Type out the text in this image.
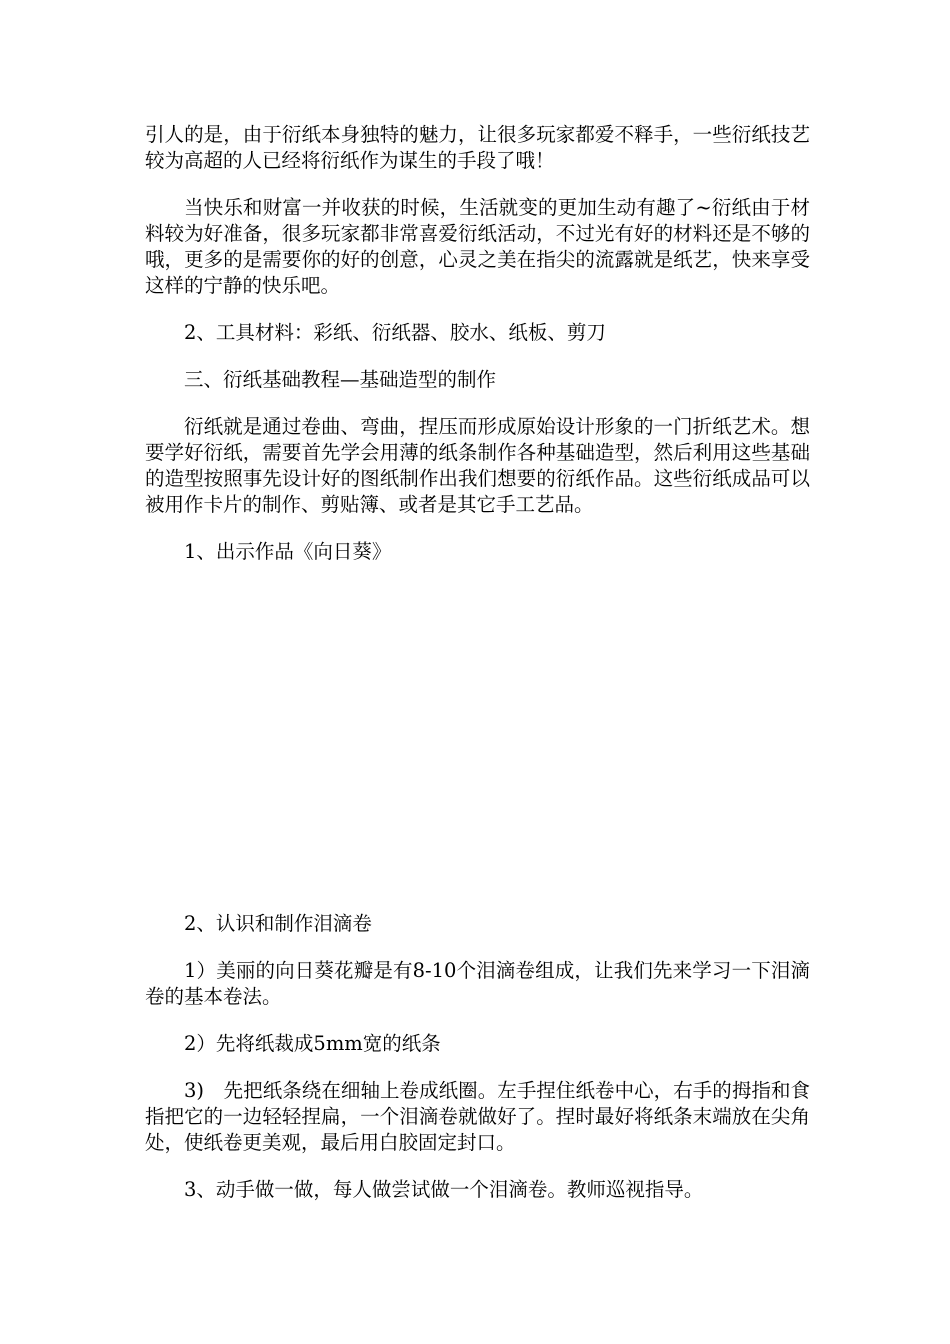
引人的是，由于衍纸本身独特的魅力，让很多玩家都爱不释手，一些衍纸技艺较为高超的人已经将衍纸作为谋生的手段了哦！

当快乐和财富一并收获的时候，生活就变的更加生动有趣了~衍纸由于材料较为好准备，很多玩家都非常喜爱衍纸活动，不过光有好的材料还是不够的哦，更多的是需要你的好的创意，心灵之美在指尖的流露就是纸艺，快来享受这样的宁静的快乐吧。

2、工具材料：彩纸、衍纸器、胶水、纸板、剪刀

三、衍纸基础教程—基础造型的制作

衍纸就是通过卷曲、弯曲，捏压而形成原始设计形象的一门折纸艺术。想要学好衍纸，需要首先学会用薄的纸条制作各种基础造型，然后利用这些基础的造型按照事先设计好的图纸制作出我们想要的衍纸作品。这些衍纸成品可以被用作卡片的制作、剪贴簿、或者是其它手工艺品。

1、出示作品《向日葵》

2、认识和制作泪滴卷

1）美丽的向日葵花瓣是有8-10个泪滴卷组成，让我们先来学习一下泪滴卷的基本卷法。

2）先将纸裁成5mm宽的纸条

3)　先把纸条绕在细轴上卷成纸圈。左手捏住纸卷中心，右手的拇指和食指把它的一边轻轻捏扁，一个泪滴卷就做好了。捏时最好将纸条末端放在尖角处，使纸卷更美观，最后用白胶固定封口。

3、动手做一做，每人做尝试做一个泪滴卷。教师巡视指导。
